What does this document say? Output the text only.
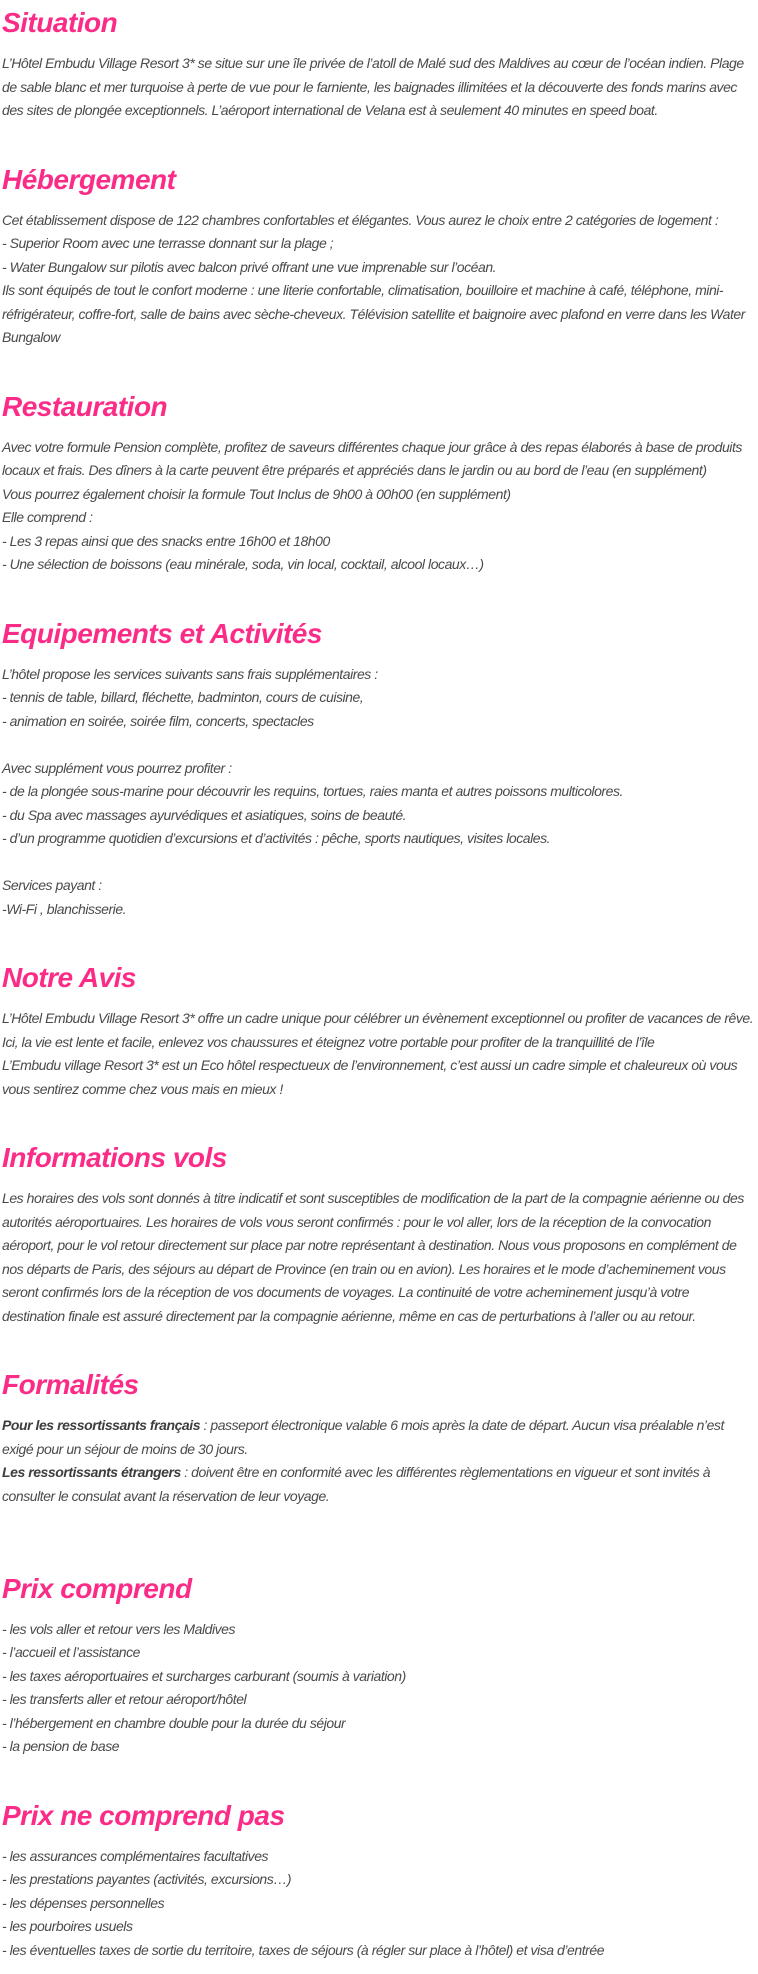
Situation

L’Hôtel Embudu Village Resort 3* se situe sur une île privée de l’atoll de Malé sud des Maldives au cœur de l’océan indien. Plage de sable blanc et mer turquoise à perte de vue pour le farniente, les baignades illimitées et la découverte des fonds marins avec des sites de plongée exceptionnels. L’aéroport international de Velana est à seulement 40 minutes en speed boat.

Hébergement

Cet établissement dispose de 122 chambres confortables et élégantes. Vous aurez le choix entre 2 catégories de logement :

- Superior Room avec une terrasse donnant sur la plage ;

- Water Bungalow sur pilotis avec balcon privé offrant une vue imprenable sur l’océan.

Ils sont équipés de tout le confort moderne : une literie confortable, climatisation, bouilloire et machine à café, téléphone, mini-réfrigérateur, coffre-fort, salle de bains avec sèche-cheveux. Télévision satellite et baignoire avec plafond en verre dans les Water Bungalow

Restauration

Avec votre formule Pension complète, profitez de saveurs différentes chaque jour grâce à des repas élaborés à base de produits locaux et frais. Des dîners à la carte peuvent être préparés et appréciés dans le jardin ou au bord de l’eau (en supplément)

Vous pourrez également choisir la formule Tout Inclus de 9h00 à 00h00 (en supplément)

Elle comprend :

- Les 3 repas ainsi que des snacks entre 16h00 et 18h00

- Une sélection de boissons (eau minérale, soda, vin local, cocktail, alcool locaux…)

Equipements et Activités

L’hôtel propose les services suivants sans frais supplémentaires :

- tennis de table, billard, fléchette, badminton, cours de cuisine,

- animation en soirée, soirée film, concerts, spectacles

Avec supplément vous pourrez profiter :

- de la plongée sous-marine pour découvrir les requins, tortues, raies manta et autres poissons multicolores.

- du Spa avec massages ayurvédiques et asiatiques, soins de beauté.

- d’un programme quotidien d’excursions et d’activités : pêche, sports nautiques, visites locales.

Services payant :

-Wi-Fi , blanchisserie.

Notre Avis

L’Hôtel Embudu Village Resort 3* offre un cadre unique pour célébrer un évènement exceptionnel ou profiter de vacances de rêve.

Ici, la vie est lente et facile, enlevez vos chaussures et éteignez votre portable pour profiter de la tranquillité de l’île

L’Embudu village Resort 3* est un Eco hôtel respectueux de l’environnement, c’est aussi un cadre simple et chaleureux où vous vous sentirez comme chez vous mais en mieux !

Informations vols

Les horaires des vols sont donnés à titre indicatif et sont susceptibles de modification de la part de la compagnie aérienne ou des autorités aéroportuaires. Les horaires de vols vous seront confirmés : pour le vol aller, lors de la réception de la convocation aéroport, pour le vol retour directement sur place par notre représentant à destination. Nous vous proposons en complément de nos départs de Paris, des séjours au départ de Province (en train ou en avion). Les horaires et le mode d’acheminement vous seront confirmés lors de la réception de vos documents de voyages. La continuité de votre acheminement jusqu’à votre destination finale est assuré directement par la compagnie aérienne, même en cas de perturbations à l’aller ou au retour.

Formalités

Pour les ressortissants français : passeport électronique valable 6 mois après la date de départ. Aucun visa préalable n’est exigé pour un séjour de moins de 30 jours.

Les ressortissants étrangers : doivent être en conformité avec les différentes règlementations en vigueur et sont invités à consulter le consulat avant la réservation de leur voyage.

Prix comprend

- les vols aller et retour vers les Maldives

- l’accueil et l’assistance

- les taxes aéroportuaires et surcharges carburant (soumis à variation)

- les transferts aller et retour aéroport/hôtel

- l’hébergement en chambre double pour la durée du séjour

- la pension de base

Prix ne comprend pas

- les assurances complémentaires facultatives

- les prestations payantes (activités, excursions…)

- les dépenses personnelles

- les pourboires usuels

- les éventuelles taxes de sortie du territoire, taxes de séjours (à régler sur place à l’hôtel) et visa d’entrée
